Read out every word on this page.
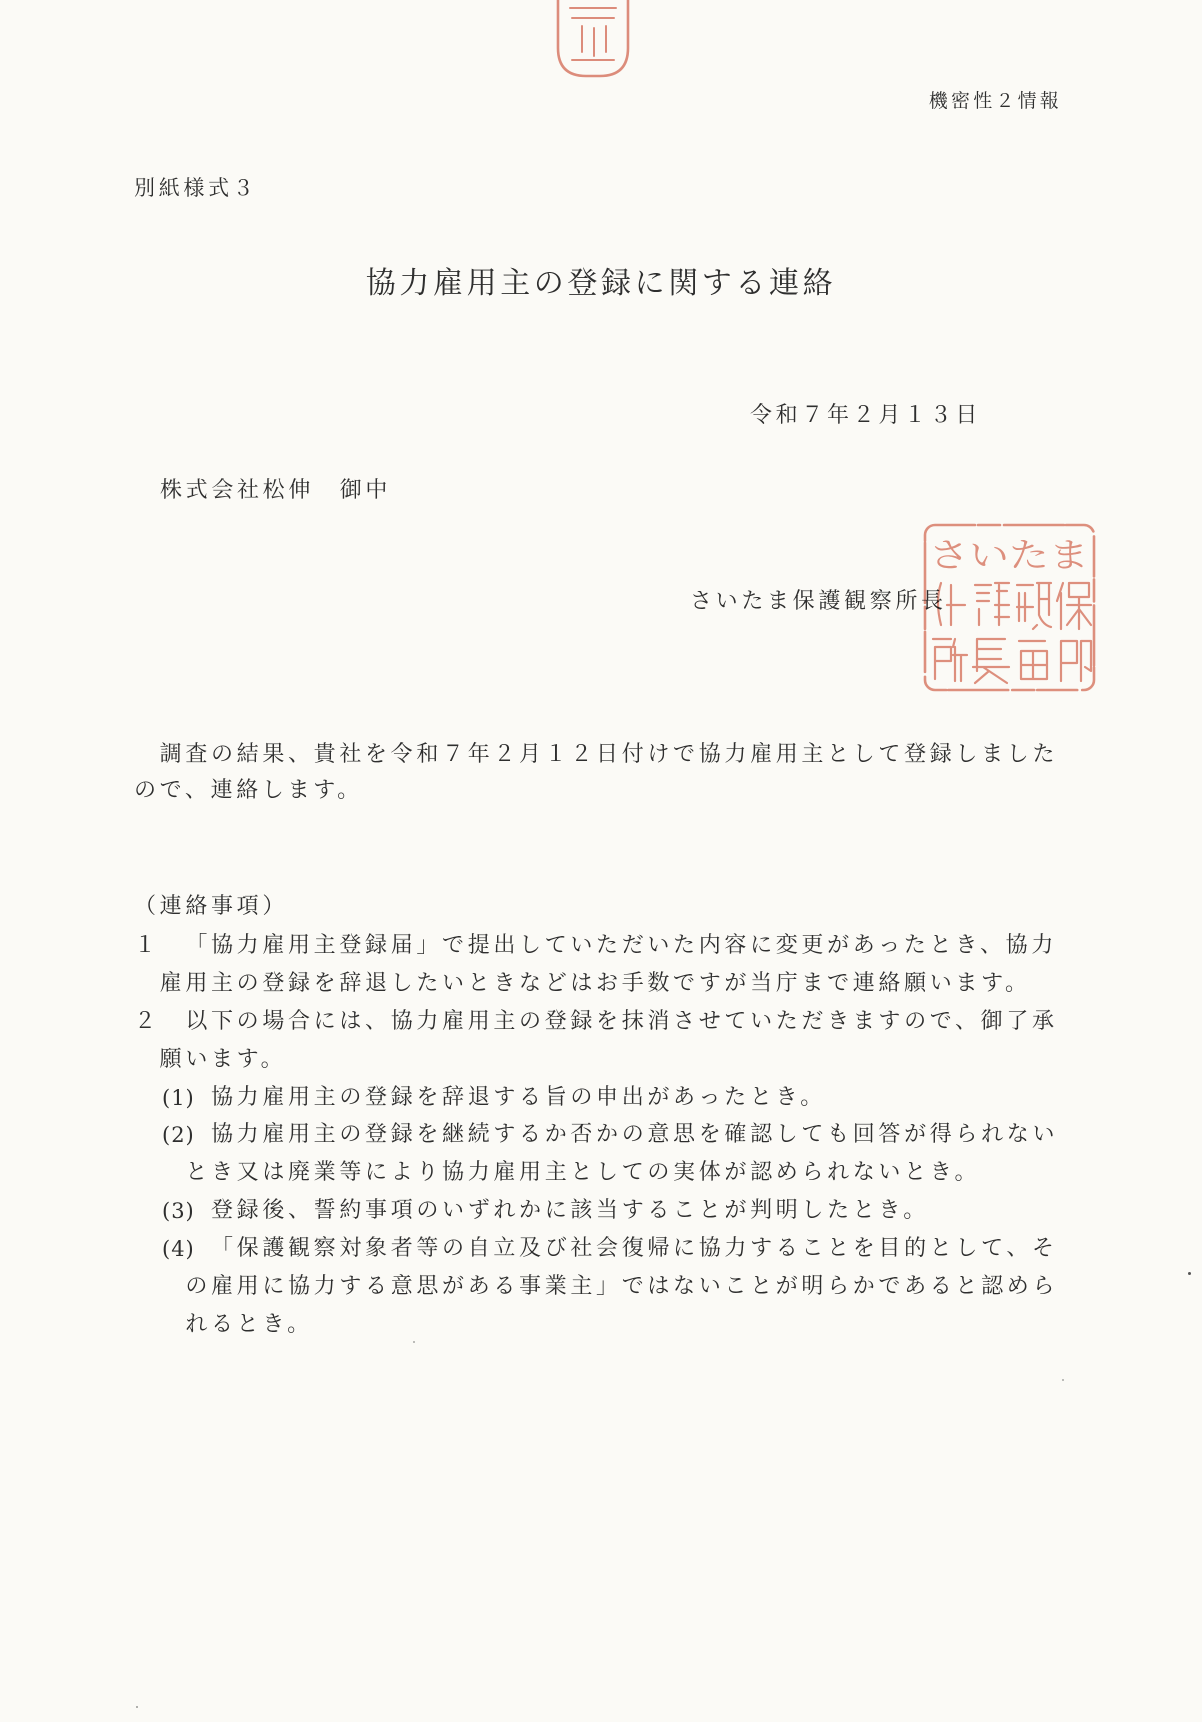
機密性２情報
別紙様式３
協力雇用主の登録に関する連絡
令和７年２月１３日
株式会社松伸　御中
さいたま保護観察所長
さいたま
調査の結果、貴社を令和７年２月１２日付けで協力雇用主として登録しました
ので、連絡します。
（連絡事項）
１ 「協力雇用主登録届」で提出していただいた内容に変更があったとき、協力
雇用主の登録を辞退したいときなどはお手数ですが当庁まで連絡願います。
２ 以下の場合には、協力雇用主の登録を抹消させていただきますので、御了承
願います。
(1) 協力雇用主の登録を辞退する旨の申出があったとき。
(2) 協力雇用主の登録を継続するか否かの意思を確認しても回答が得られない
とき又は廃業等により協力雇用主としての実体が認められないとき。
(3) 登録後、誓約事項のいずれかに該当することが判明したとき。
(4) 「保護観察対象者等の自立及び社会復帰に協力することを目的として、そ
の雇用に協力する意思がある事業主」ではないことが明らかであると認めら
れるとき。
